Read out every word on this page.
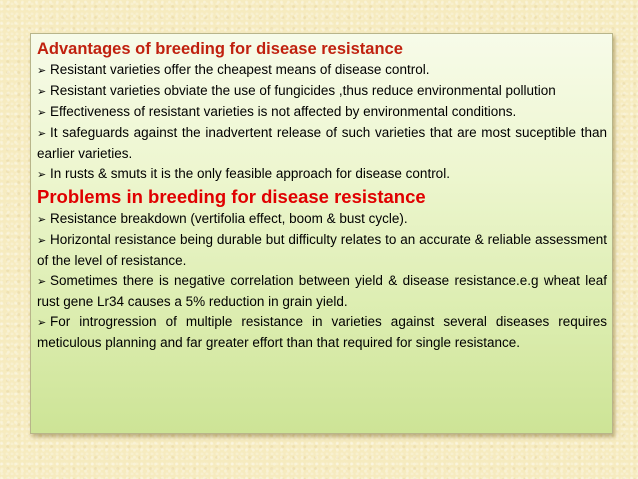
Advantages of breeding for disease resistance
➢ Resistant varieties offer the cheapest means of disease control.
➢ Resistant varieties obviate the use of fungicides ,thus reduce environmental pollution
➢ Effectiveness of resistant varieties is not affected by environmental conditions.
➢ It safeguards against the inadvertent release of such varieties that are most suceptible than earlier varieties.
➢ In rusts & smuts it is the only feasible approach for disease control.
Problems in breeding for disease resistance
➢ Resistance breakdown (vertifolia effect, boom & bust cycle).
➢ Horizontal resistance being durable but difficulty relates to an accurate & reliable assessment of the level of resistance.
➢ Sometimes there is negative correlation between yield & disease resistance.e.g wheat leaf rust gene Lr34 causes a 5% reduction in grain yield.
➢ For introgression of multiple resistance in varieties against several diseases requires meticulous planning and far greater effort than that required for single resistance.
